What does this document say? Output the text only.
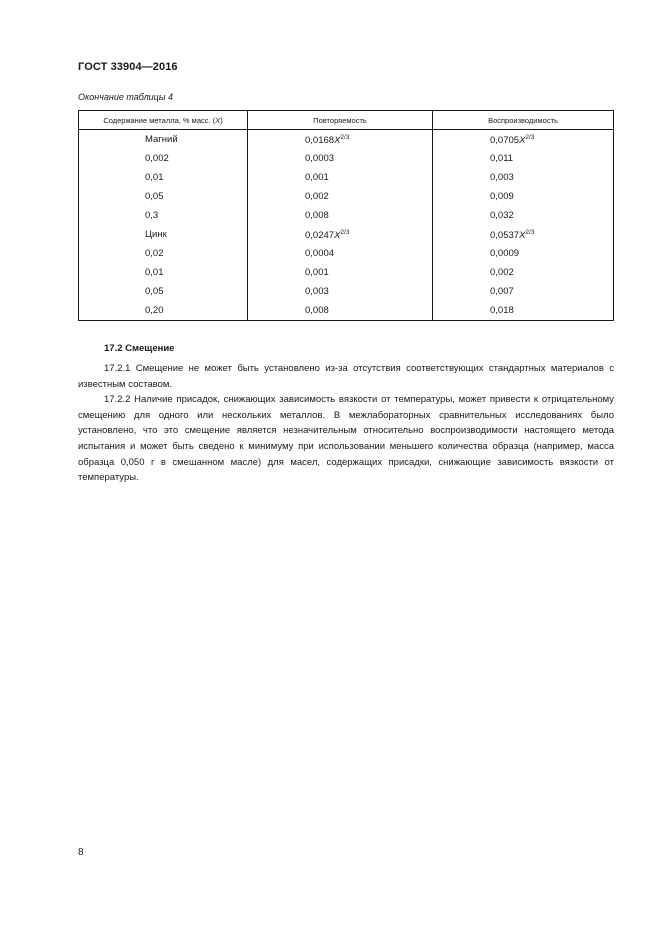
ГОСТ 33904—2016
Окончание таблицы 4
Содержание металла, % масс. (X)	Повторяемость	Воспроизводимость
Магний	$0,0168X^{2/3}$	$0,0705X^{2/3}$
0,002	0,0003	0,011
0,01	0,001	0,003
0,05	0,002	0,009
0,3	0,008	0,032
Цинк	$0,0247X^{2/3}$	$0,0537X^{2/3}$
0,02	0,0004	0,0009
0,01	0,001	0,002
0,05	0,003	0,007
0,20	0,008	0,018
17.2 Смещение

17.2.1 Смещение не может быть установлено из-за отсутствия соответствующих стандартных материалов с известным составом.

17.2.2 Наличие присадок, снижающих зависимость вязкости от температуры, может привести к отрицательному смещению для одного или нескольких металлов. В межлабораторных сравнительных исследованиях было установлено, что это смещение является незначительным относительно воспроизводимости настоящего метода испытания и может быть сведено к минимуму при использовании меньшего количества образца (например, масса образца 0,050 г в смешанном масле) для масел, содержащих присадки, снижающие зависимость вязкости от температуры.

8
